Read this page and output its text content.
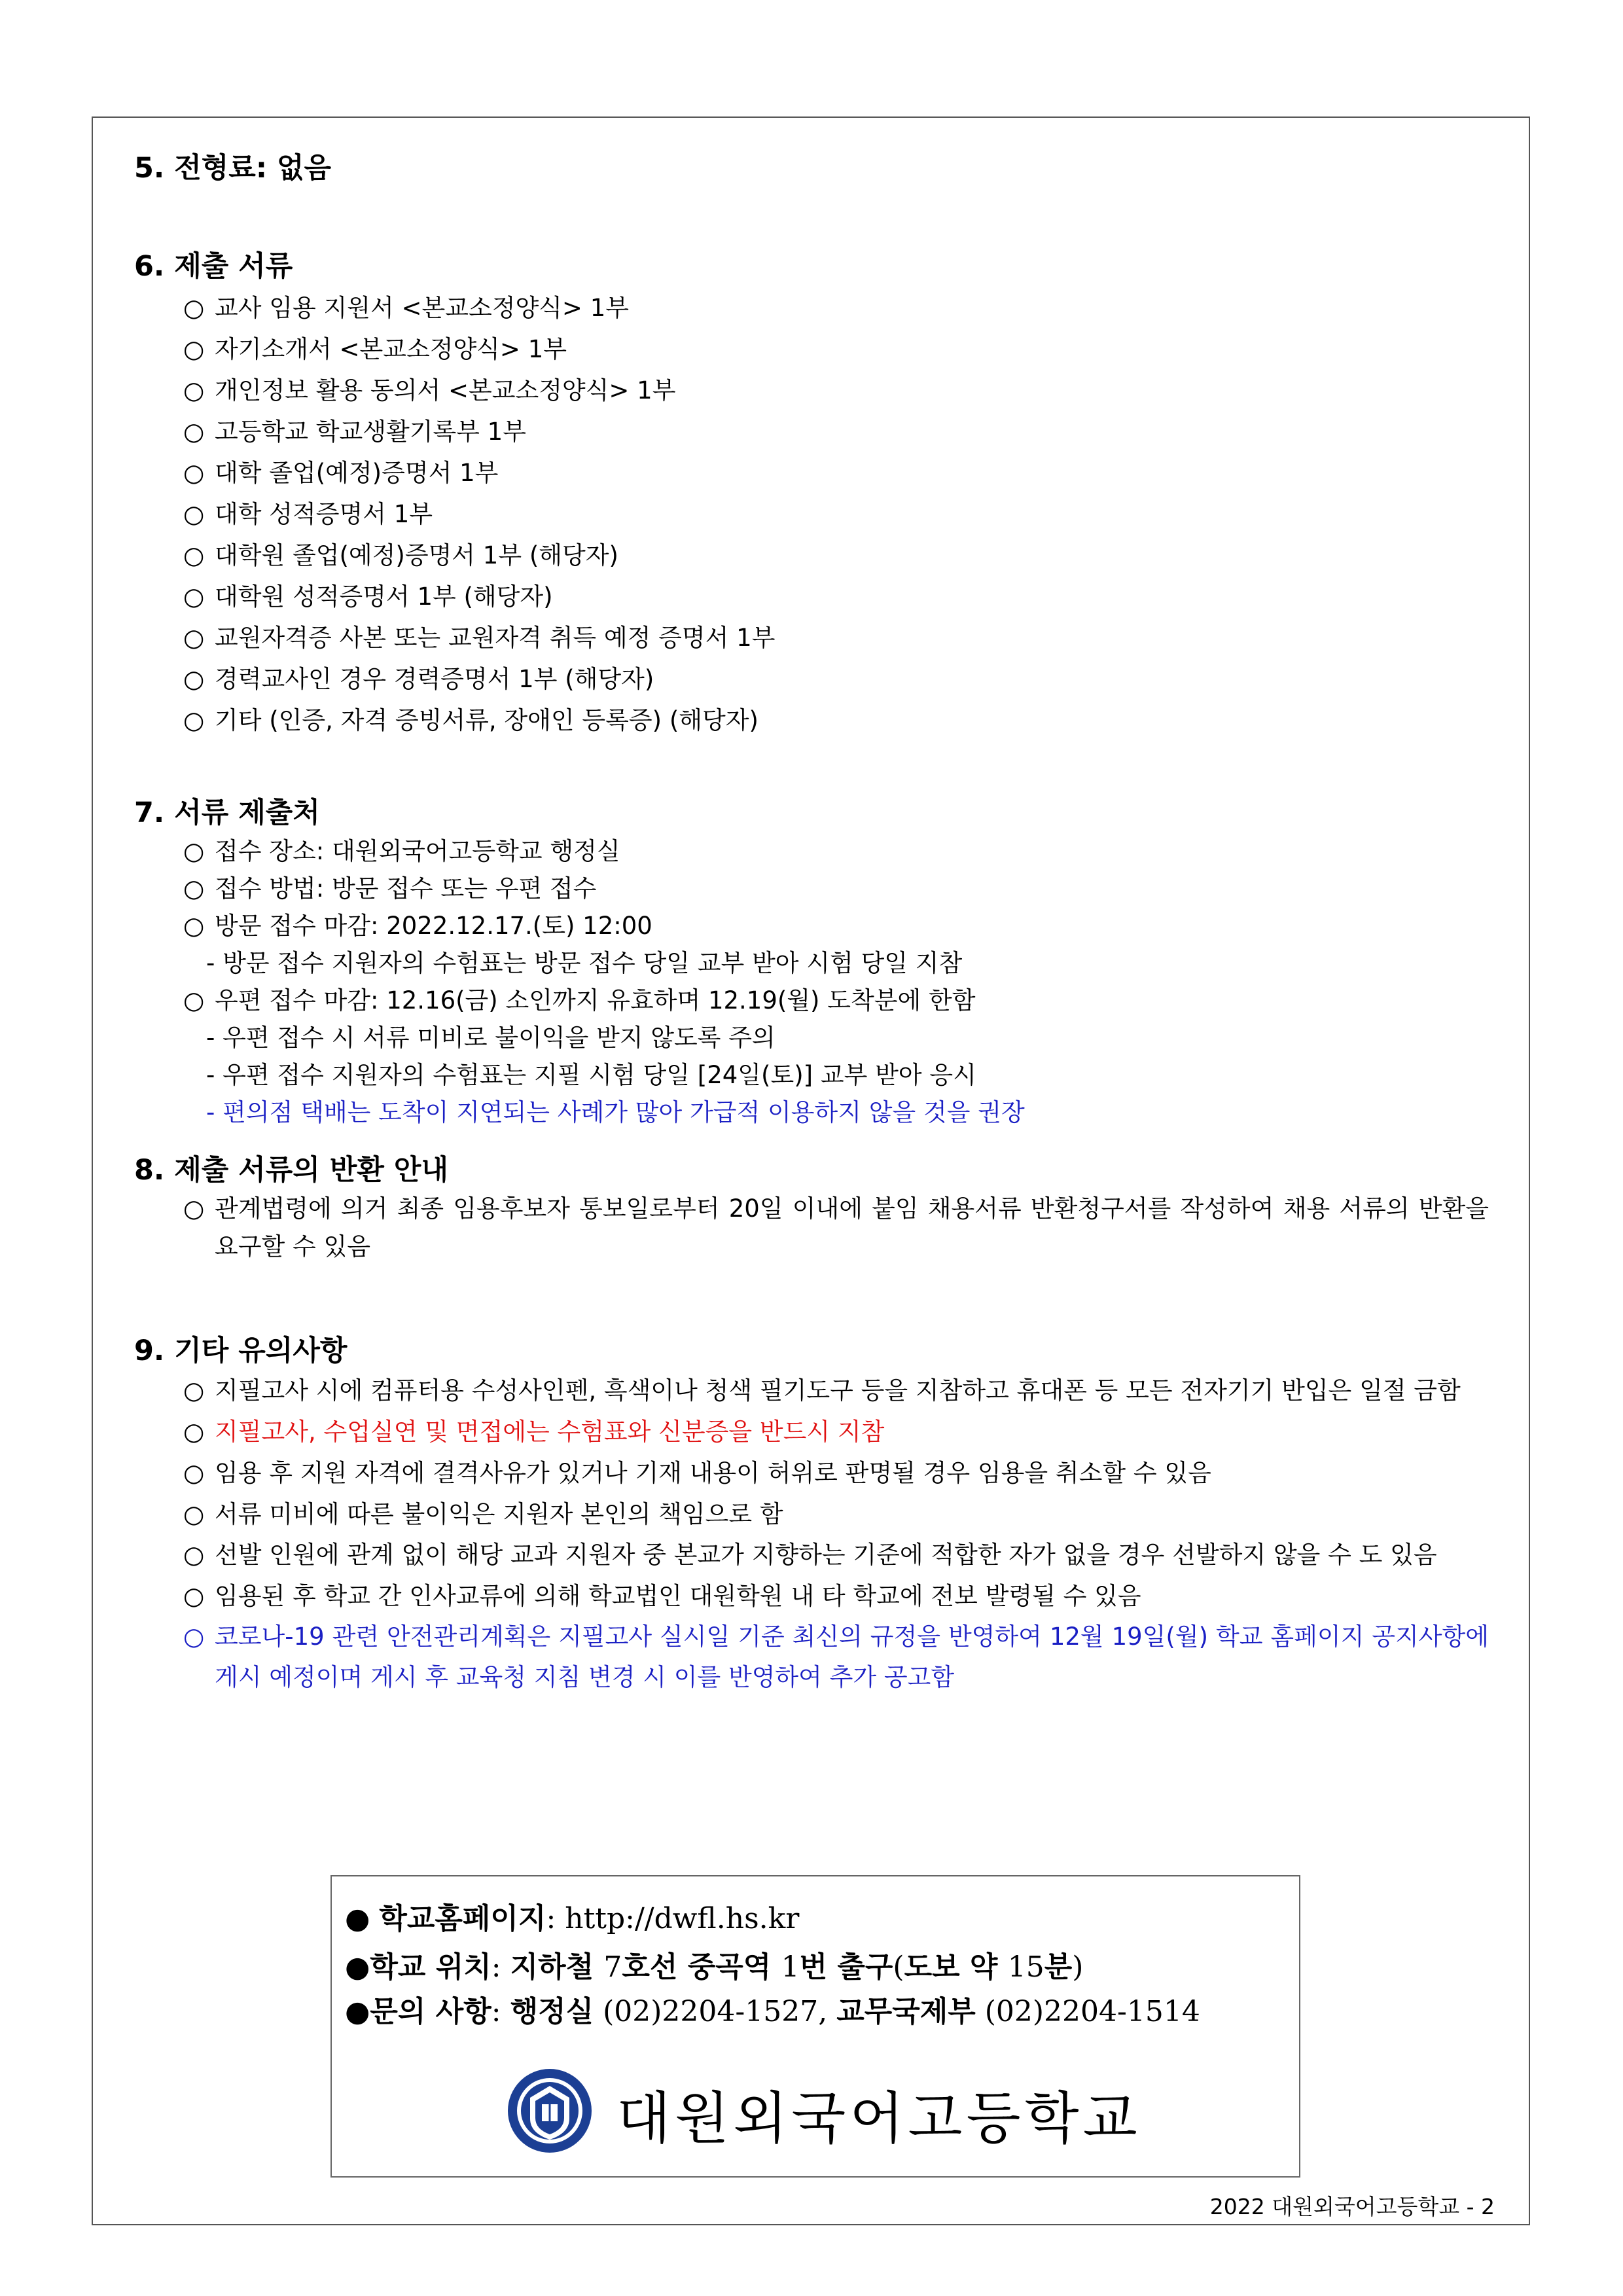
5. 전형료: 없음

6. 제출 서류

○ 교사 임용 지원서 <본교소정양식> 1부
○ 자기소개서 <본교소정양식> 1부
○ 개인정보 활용 동의서 <본교소정양식> 1부
○ 고등학교 학교생활기록부 1부
○ 대학 졸업(예정)증명서 1부
○ 대학 성적증명서 1부
○ 대학원 졸업(예정)증명서 1부 (해당자)
○ 대학원 성적증명서 1부 (해당자)
○ 교원자격증 사본 또는 교원자격 취득 예정 증명서 1부
○ 경력교사인 경우 경력증명서 1부 (해당자)
○ 기타 (인증, 자격 증빙서류, 장애인 등록증) (해당자)

7. 서류 제출처

○ 접수 장소: 대원외국어고등학교 행정실
○ 접수 방법: 방문 접수 또는 우편 접수
○ 방문 접수 마감: 2022.12.17.(토) 12:00
- 방문 접수 지원자의 수험표는 방문 접수 당일 교부 받아 시험 당일 지참
○ 우편 접수 마감: 12.16(금) 소인까지 유효하며 12.19(월) 도착분에 한함
- 우편 접수 시 서류 미비로 불이익을 받지 않도록 주의
- 우편 접수 지원자의 수험표는 지필 시험 당일 [24일(토)] 교부 받아 응시
- 편의점 택배는 도착이 지연되는 사례가 많아 가급적 이용하지 않을 것을 권장

8. 제출 서류의 반환 안내

○ 관계법령에 의거 최종 임용후보자 통보일로부터 20일 이내에 붙임 채용서류 반환청구서를 작성하여 채용 서류의 반환을 요구할 수 있음

9. 기타 유의사항

○ 지필고사 시에 컴퓨터용 수성사인펜, 흑색이나 청색 필기도구 등을 지참하고 휴대폰 등 모든 전자기기 반입은 일절 금함
○ 지필고사, 수업실연 및 면접에는 수험표와 신분증을 반드시 지참
○ 임용 후 지원 자격에 결격사유가 있거나 기재 내용이 허위로 판명될 경우 임용을 취소할 수 있음
○ 서류 미비에 따른 불이익은 지원자 본인의 책임으로 함
○ 선발 인원에 관계 없이 해당 교과 지원자 중 본교가 지향하는 기준에 적합한 자가 없을 경우 선발하지 않을 수 도 있음
○ 임용된 후 학교 간 인사교류에 의해 학교법인 대원학원 내 타 학교에 전보 발령될 수 있음
○ 코로나-19 관련 안전관리계획은 지필고사 실시일 기준 최신의 규정을 반영하여 12월 19일(월) 학교 홈페이지 공지사항에 게시 예정이며 게시 후 교육청 지침 변경 시 이를 반영하여 추가 공고함
● 학교홈페이지: http://dwfl.hs.kr
●학교 위치: 지하철 7호선 중곡역 1번 출구(도보 약 15분)
●문의 사항: 행정실 (02)2204-1527, 교무국제부 (02)2204-1514
대원외국어고등학교
2022 대원외국어고등학교 - 2
